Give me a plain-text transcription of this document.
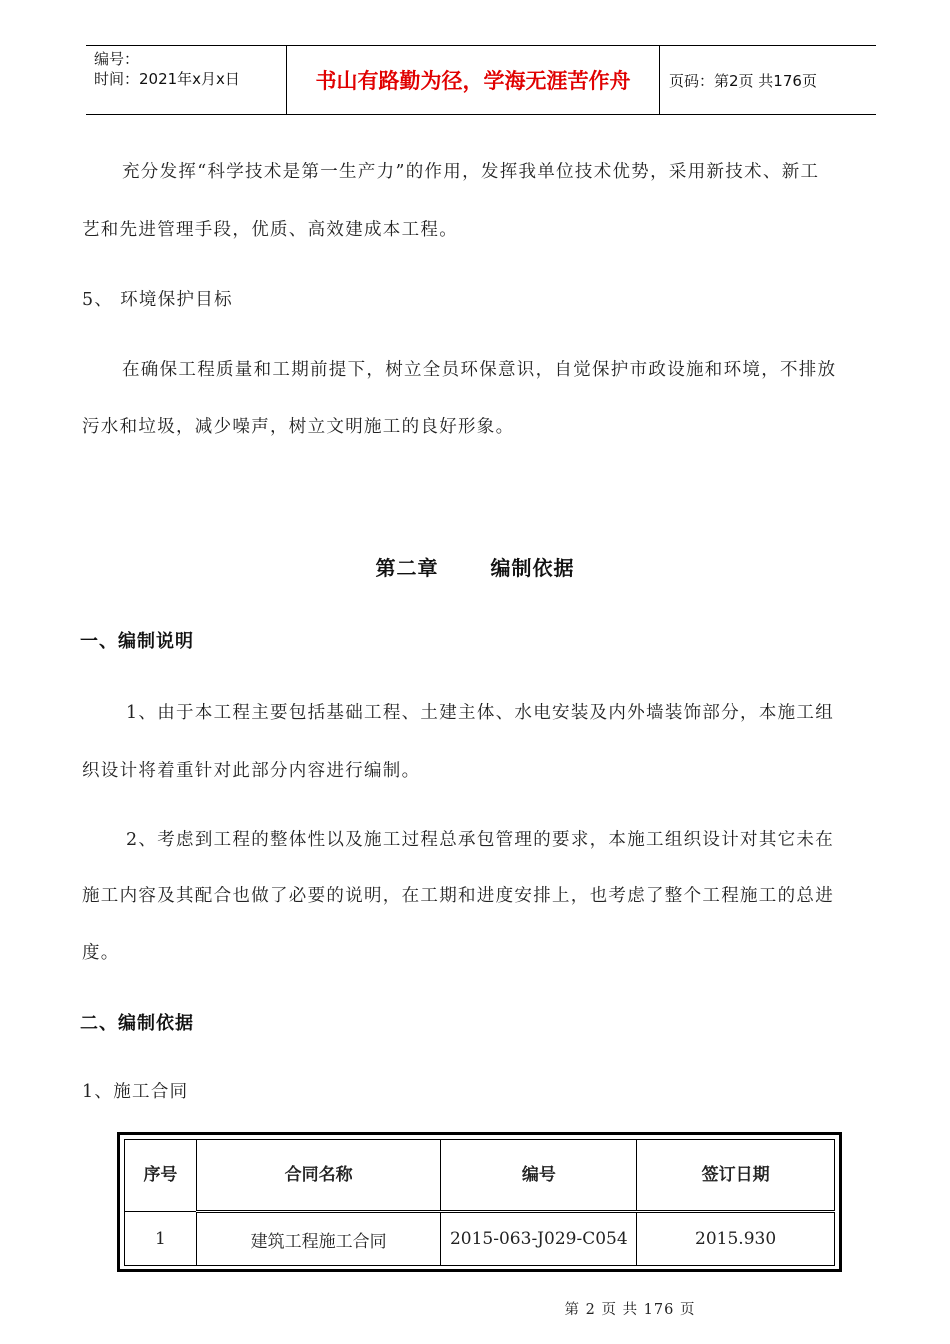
编号：
时间：2021年x月x日	书山有路勤为径，学海无涯苦作舟	页码：第2页 共176页
充分发挥“科学技术是第一生产力”的作用，发挥我单位技术优势，采用新技术、新工
艺和先进管理手段，优质、高效建成本工程。
5、 环境保护目标
在确保工程质量和工期前提下，树立全员环保意识，自觉保护市政设施和环境，不排放
污水和垃圾，减少噪声，树立文明施工的良好形象。
第二章	编制依据
一、编制说明
1、由于本工程主要包括基础工程、土建主体、水电安装及内外墙装饰部分，本施工组
织设计将着重针对此部分内容进行编制。
2、考虑到工程的整体性以及施工过程总承包管理的要求，本施工组织设计对其它未在
施工内容及其配合也做了必要的说明，在工期和进度安排上，也考虑了整个工程施工的总进
度。
二、编制依据
1、施工合同
序号	合同名称	编号	签订日期
1	建筑工程施工合同	2015-063-J029-C054	2015.930
第 2 页 共 176 页
